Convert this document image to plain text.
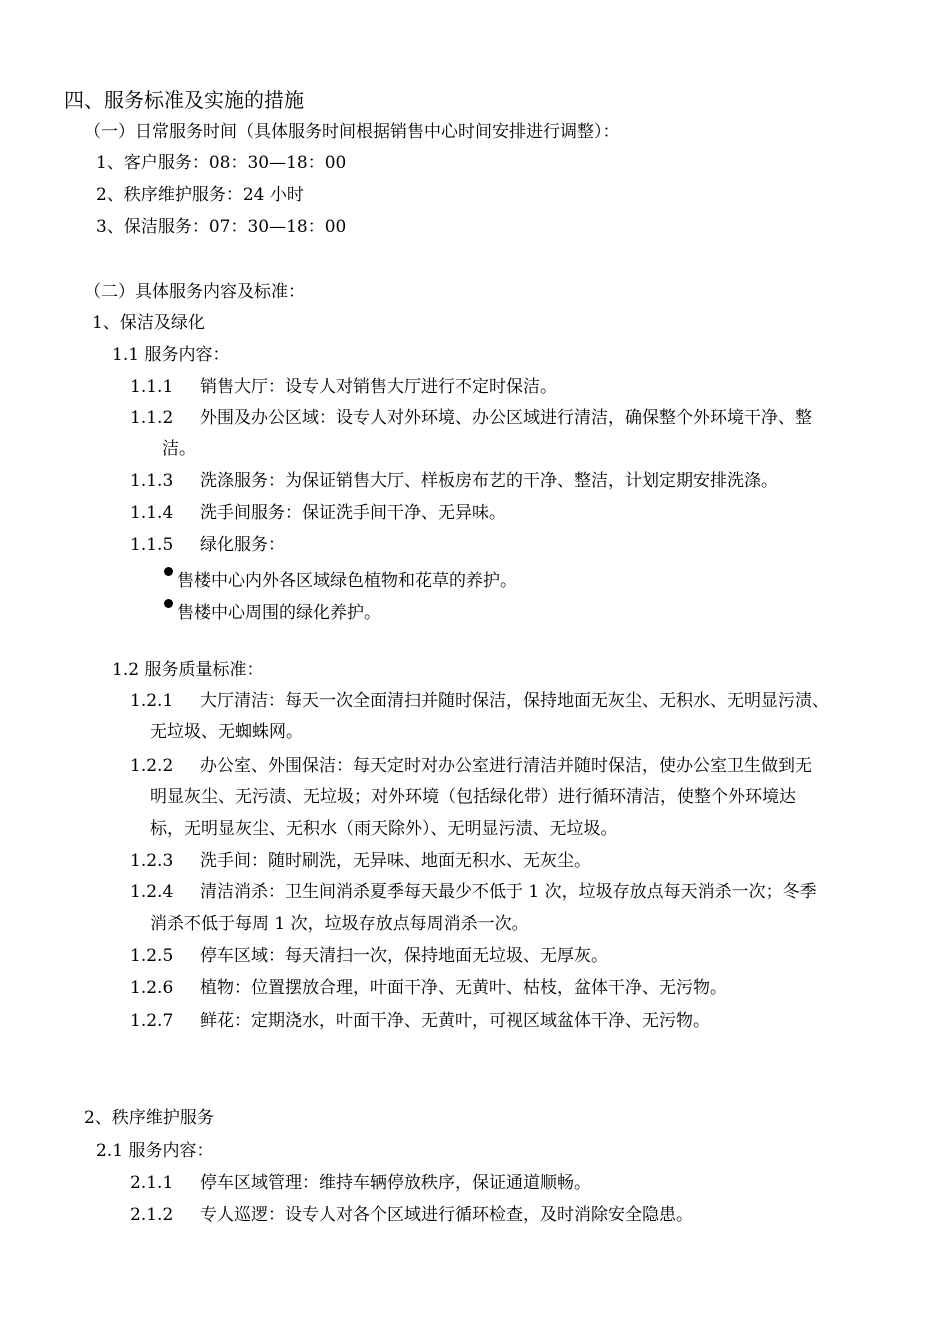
四、服务标准及实施的措施
（一）日常服务时间（具体服务时间根据销售中心时间安排进行调整）：
1、客户服务：08：30—18：00
2、秩序维护服务：24 小时
3、保洁服务：07：30—18：00
（二）具体服务内容及标准：
1、保洁及绿化
1.1 服务内容：
1.1.1 销售大厅：设专人对销售大厅进行不定时保洁。
1.1.2 外围及办公区域：设专人对外环境、办公区域进行清洁，确保整个外环境干净、整
洁。
1.1.3 洗涤服务：为保证销售大厅、样板房布艺的干净、整洁，计划定期安排洗涤。
1.1.4 洗手间服务：保证洗手间干净、无异味。
1.1.5 绿化服务：
售楼中心内外各区域绿色植物和花草的养护。
售楼中心周围的绿化养护。
1.2 服务质量标准：
1.2.1 大厅清洁：每天一次全面清扫并随时保洁，保持地面无灰尘、无积水、无明显污渍、
无垃圾、无蜘蛛网。
1.2.2 办公室、外围保洁：每天定时对办公室进行清洁并随时保洁，使办公室卫生做到无
明显灰尘、无污渍、无垃圾；对外环境（包括绿化带）进行循环清洁，使整个外环境达
标，无明显灰尘、无积水（雨天除外）、无明显污渍、无垃圾。
1.2.3 洗手间：随时刷洗，无异味、地面无积水、无灰尘。
1.2.4 清洁消杀：卫生间消杀夏季每天最少不低于 1 次，垃圾存放点每天消杀一次；冬季
消杀不低于每周 1 次，垃圾存放点每周消杀一次。
1.2.5 停车区域：每天清扫一次，保持地面无垃圾、无厚灰。
1.2.6 植物：位置摆放合理，叶面干净、无黄叶、枯枝，盆体干净、无污物。
1.2.7 鲜花：定期浇水，叶面干净、无黄叶，可视区域盆体干净、无污物。
2、秩序维护服务
2.1 服务内容：
2.1.1 停车区域管理：维持车辆停放秩序，保证通道顺畅。
2.1.2 专人巡逻：设专人对各个区域进行循环检查，及时消除安全隐患。
